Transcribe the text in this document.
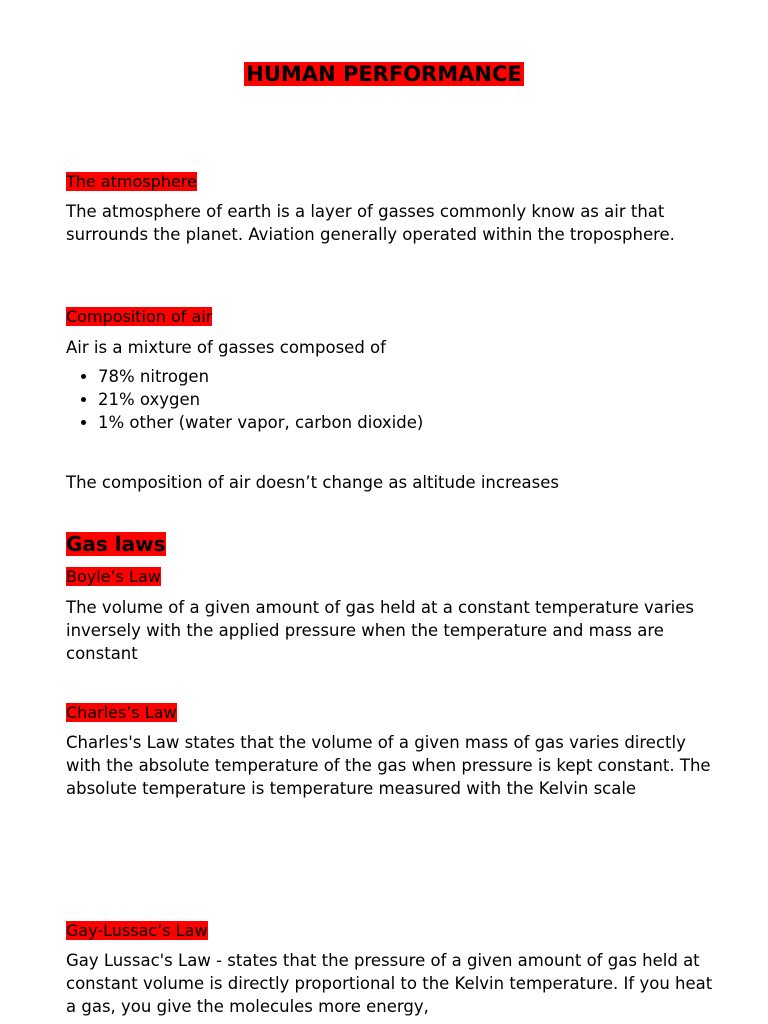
HUMAN PERFORMANCE
The atmosphere

The atmosphere of earth is a layer of gasses commonly know as air that surrounds the planet. Aviation generally operated within the troposphere.

Composition of air

Air is a mixture of gasses composed of

• 78% nitrogen
• 21% oxygen
• 1% other (water vapor, carbon dioxide)

The composition of air doesn’t change as altitude increases

Gas laws
Boyle’s Law

The volume of a given amount of gas held at a constant temperature varies inversely with the applied pressure when the temperature and mass are constant

Charles’s Law

Charles's Law states that the volume of a given mass of gas varies directly with the absolute temperature of the gas when pressure is kept constant. The absolute temperature is temperature measured with the Kelvin scale

Gay-Lussac’s Law

Gay Lussac's Law - states that the pressure of a given amount of gas held at constant volume is directly proportional to the Kelvin temperature. If you heat a gas, you give the molecules more energy,
